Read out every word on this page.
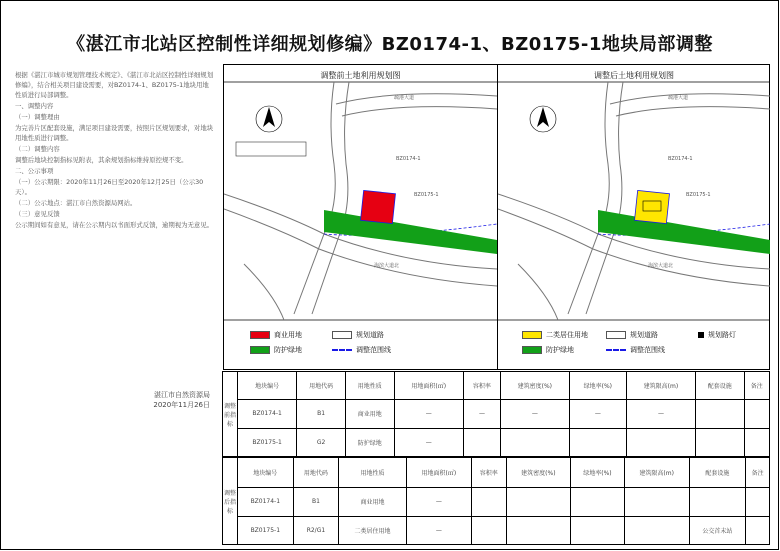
《湛江市北站区控制性详细规划修编》BZ0174-1、BZ0175-1地块局部调整

根据《湛江市城市规划管理技术规定》、《湛江市北站区控制性详细规划修编》，结合相关项目建设需要，对BZ0174-1、BZ0175-1地块用地性质进行局部调整。

一、调整内容

（一）调整理由

为完善片区配套设施，满足项目建设需要，按照片区规划要求，对地块用地性质进行调整。

（二）调整内容

调整后地块控制指标见附表，其余规划指标维持原控规不变。

二、公示事项

（一）公示期限：2020年11月26日至2020年12月25日（公示30天）。

（二）公示地点：湛江市自然资源局网站。

（三）意见反馈

公示期间如有意见，请在公示期内以书面形式反馈，逾期视为无意见。

湛江市自然资源局
2020年11月26日
调整前土地利用规划图
BZ0174-1
BZ0175-1
疏港大道
海滨大道北
商业用地	规划道路
防护绿地	调整范围线
调整后土地利用规划图
BZ0174-1
BZ0175-1
疏港大道
海滨大道北
二类居住用地	规划道路	规划路灯
防护绿地	调整范围线
调整前指标	地块编号	用地代码	用地性质	用地面积(㎡)	容积率	建筑密度(%)	绿地率(%)	建筑限高(m)	配套设施	备注
	BZ0174-1	B1	商业用地	—	—	—	—	—		
	BZ0175-1	G2	防护绿地	—						
调整后指标	地块编号	用地代码	用地性质	用地面积(㎡)	容积率	建筑密度(%)	绿地率(%)	建筑限高(m)	配套设施	备注
	BZ0174-1	B1	商业用地	—						
	BZ0175-1	R2/G1	二类居住用地	—					公交首末站	
